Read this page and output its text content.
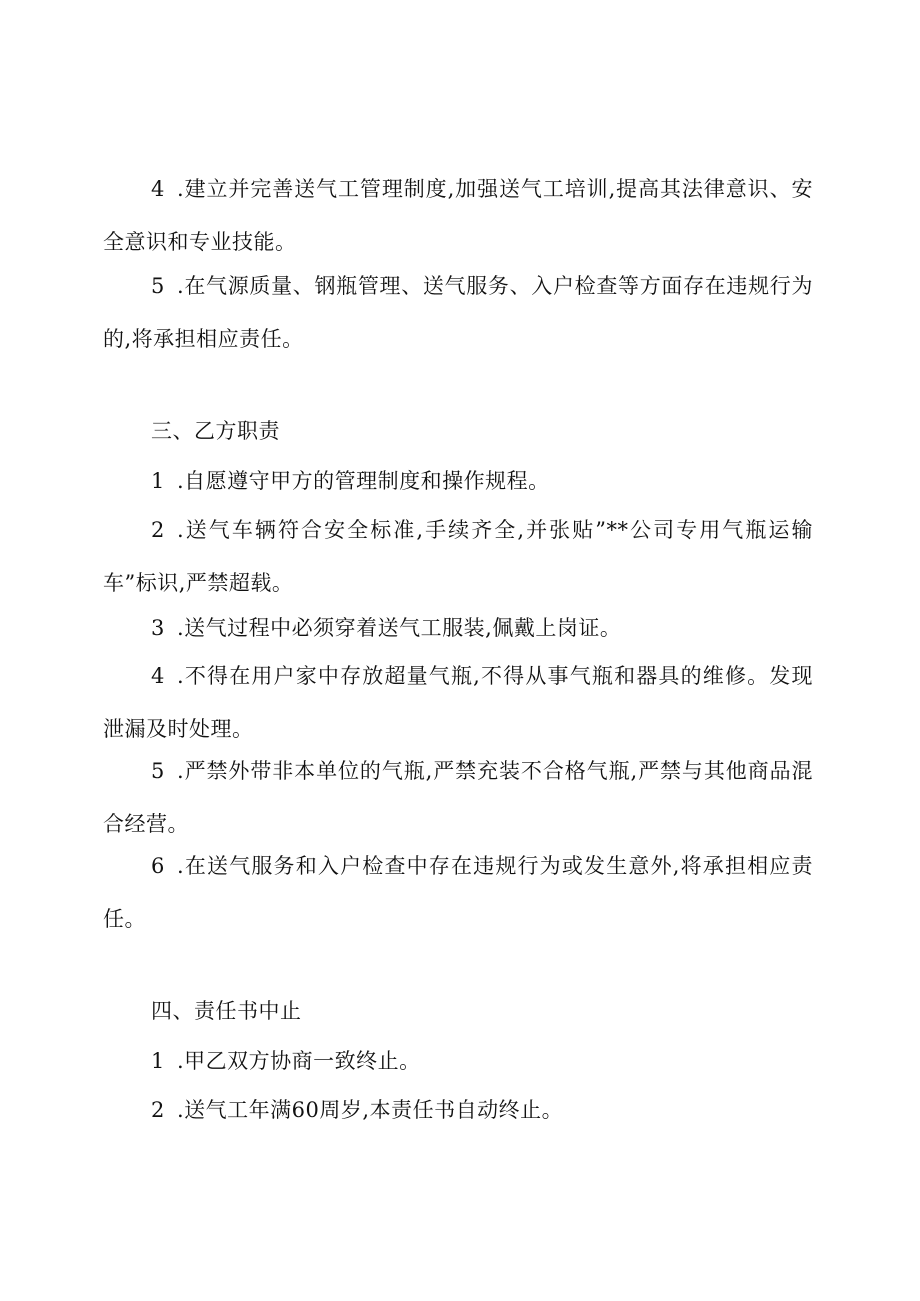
4 .建立并完善送气工管理制度,加强送气工培训,提高其法律意识、安全意识和专业技能。

5 .在气源质量、钢瓶管理、送气服务、入户检查等方面存在违规行为的,将承担相应责任。

三、乙方职责

1 .自愿遵守甲方的管理制度和操作规程。

2 .送气车辆符合安全标准,手续齐全,并张贴”**公司专用气瓶运输车”标识,严禁超载。

3 .送气过程中必须穿着送气工服装,佩戴上岗证。

4 .不得在用户家中存放超量气瓶,不得从事气瓶和器具的维修。发现泄漏及时处理。

5 .严禁外带非本单位的气瓶,严禁充装不合格气瓶,严禁与其他商品混合经营。

6 .在送气服务和入户检查中存在违规行为或发生意外,将承担相应责任。

四、责任书中止

1 .甲乙双方协商一致终止。

2 .送气工年满60周岁,本责任书自动终止。
